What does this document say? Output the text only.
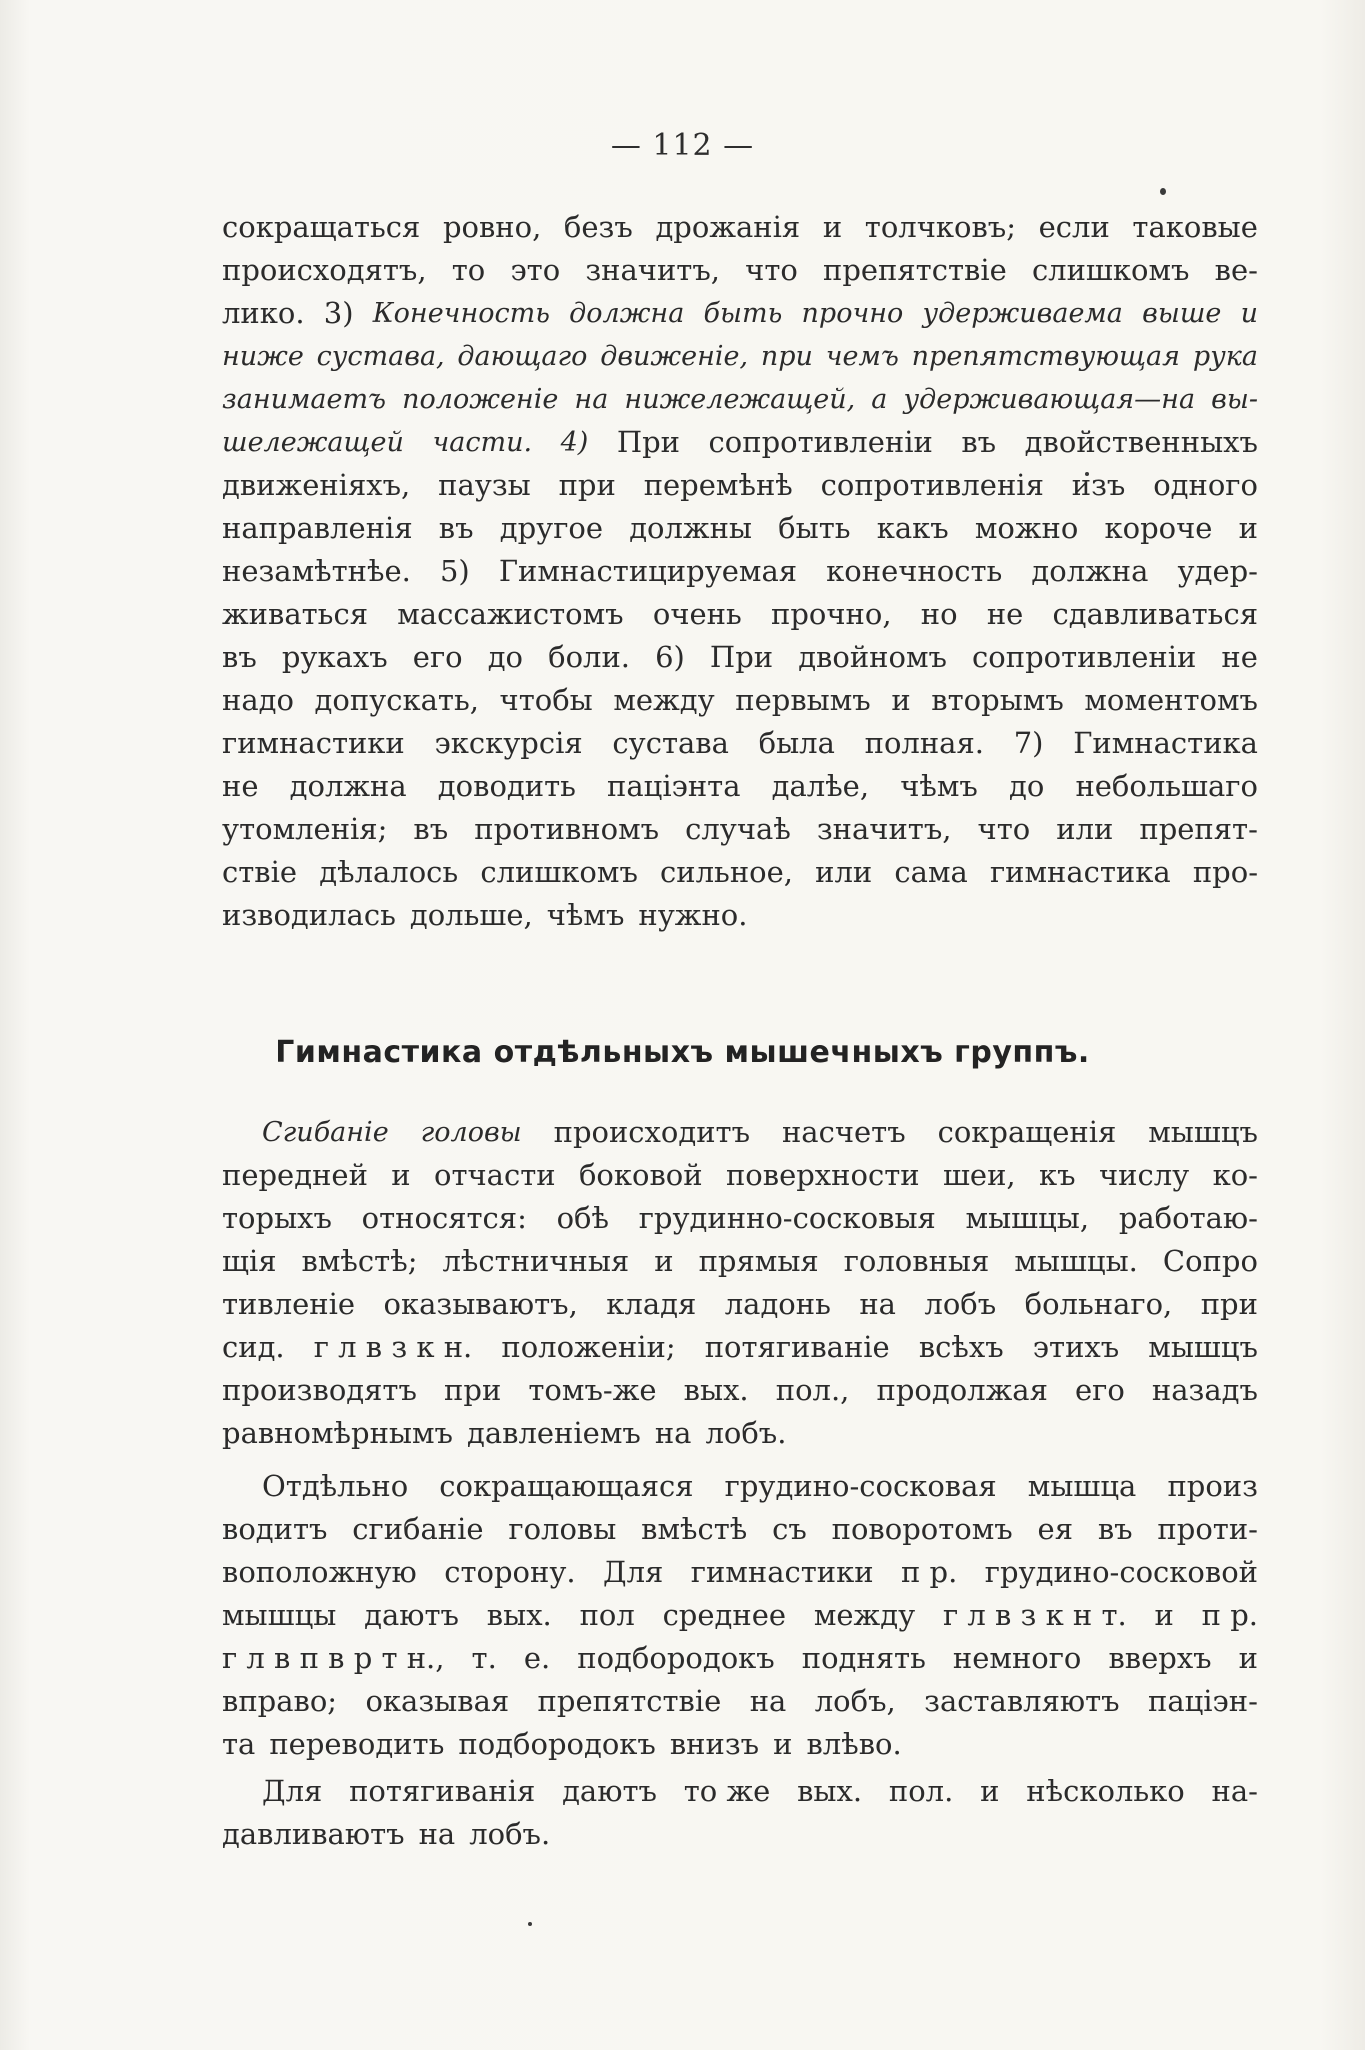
— 112 —
сокращаться ровно, безъ дрожанія и толчковъ; если таковые
происходятъ, то это значитъ, что препятствіе слишкомъ ве-
лико. 3) Конечность должна быть прочно удерживаема выше и
ниже сустава, дающаго движеніе, при чемъ препятствующая рука
занимаетъ положеніе на нижележащей, а удерживающая—на вы-
шележащей части. 4) При сопротивленіи въ двойственныхъ
движеніяхъ, паузы при перемѣнѣ сопротивленія изъ одного
направленія въ другое должны быть какъ можно короче и
незамѣтнѣе. 5) Гимнастицируемая конечность должна удер-
живаться массажистомъ очень прочно, но не сдавливаться
въ рукахъ его до боли. 6) При двойномъ сопротивленіи не
надо допускать, чтобы между первымъ и вторымъ моментомъ
гимнастики экскурсія сустава была полная. 7) Гимнастика
не должна доводить паціэнта далѣе, чѣмъ до небольшаго
утомленія; въ противномъ случаѣ значитъ, что или препят-
ствіе дѣлалось слишкомъ сильное, или сама гимнастика про-
изводилась дольше, чѣмъ нужно.
Гимнастика отдѣльныхъ мышечныхъ группъ.
Сгибаніе головы происходитъ насчетъ сокращенія мышцъ
передней и отчасти боковой поверхности шеи, къ числу ко-
торыхъ относятся: обѣ грудинно-сосковыя мышцы, работаю-
щія вмѣстѣ; лѣстничныя и прямыя головныя мышцы. Сопро
тивленіе оказываютъ, кладя ладонь на лобъ больнаго, при
сид. г л в з к н. положеніи; потягиваніе всѣхъ этихъ мышцъ
производятъ при томъ-же вых. пол., продолжая его назадъ
равномѣрнымъ давленіемъ на лобъ.
Отдѣльно сокращающаяся грудино-сосковая мышца произ
водитъ сгибаніе головы вмѣстѣ съ поворотомъ ея въ проти-
воположную сторону. Для гимнастики п р. грудино-сосковой
мышцы даютъ вых. пол среднее между г л в з к н т. и п р.
г л в п в р т н., т. е. подбородокъ поднять немного вверхъ и
вправо; оказывая препятствіе на лобъ, заставляютъ паціэн-
та переводить подбородокъ внизъ и влѣво.
Для потягиванія даютъ то же вых. пол. и нѣсколько на-
давливаютъ на лобъ.
